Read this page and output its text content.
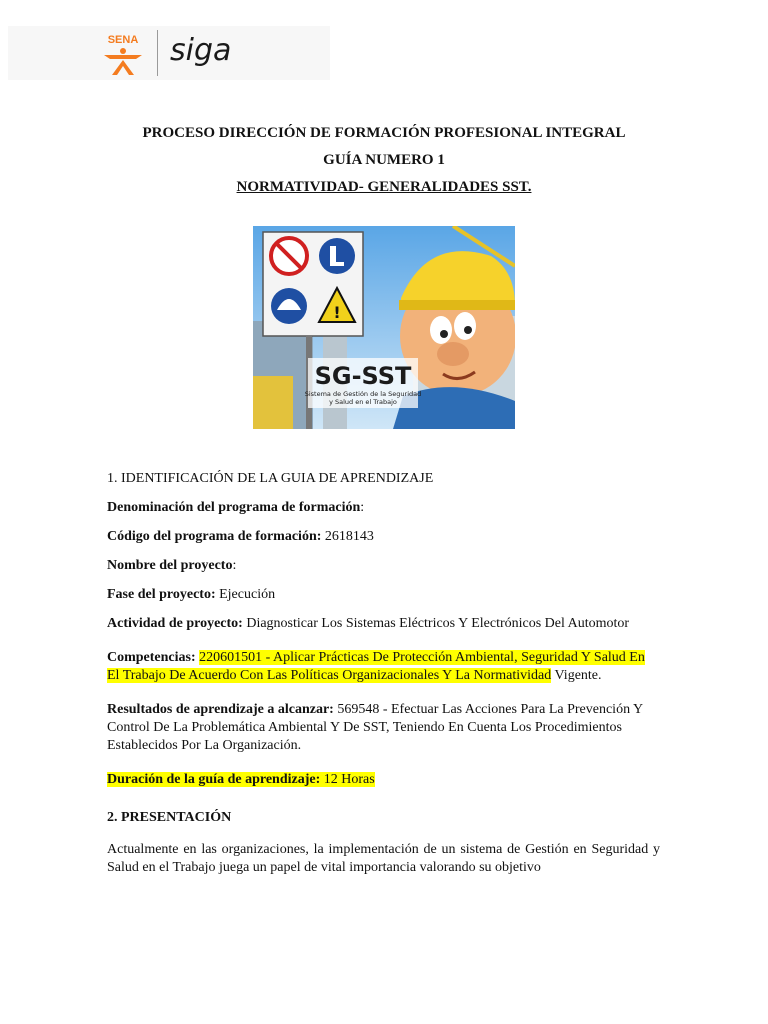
SENA siga
PROCESO DIRECCIÓN DE FORMACIÓN PROFESIONAL INTEGRAL
GUÍA NUMERO 1
NORMATIVIDAD- GENERALIDADES SST.
!
SG-SST
Sistema de Gestión de la Seguridad
y Salud en el Trabajo

1. IDENTIFICACIÓN DE LA GUIA DE APRENDIZAJE

Denominación del programa de formación:

Código del programa de formación: 2618143

Nombre del proyecto:

Fase del proyecto: Ejecución

Actividad de proyecto: Diagnosticar Los Sistemas Eléctricos Y Electrónicos Del Automotor

Competencias: 220601501 - Aplicar Prácticas De Protección Ambiental, Seguridad Y Salud En El Trabajo De Acuerdo Con Las Políticas Organizacionales Y La Normatividad Vigente.

Resultados de aprendizaje a alcanzar: 569548 - Efectuar Las Acciones Para La Prevención Y Control De La Problemática Ambiental Y De SST, Teniendo En Cuenta Los Procedimientos Establecidos Por La Organización.

Duración de la guía de aprendizaje: 12 Horas

2. PRESENTACIÓN

Actualmente en las organizaciones, la implementación de un sistema de Gestión en Seguridad y Salud en el Trabajo juega un papel de vital importancia valorando su objetivo
